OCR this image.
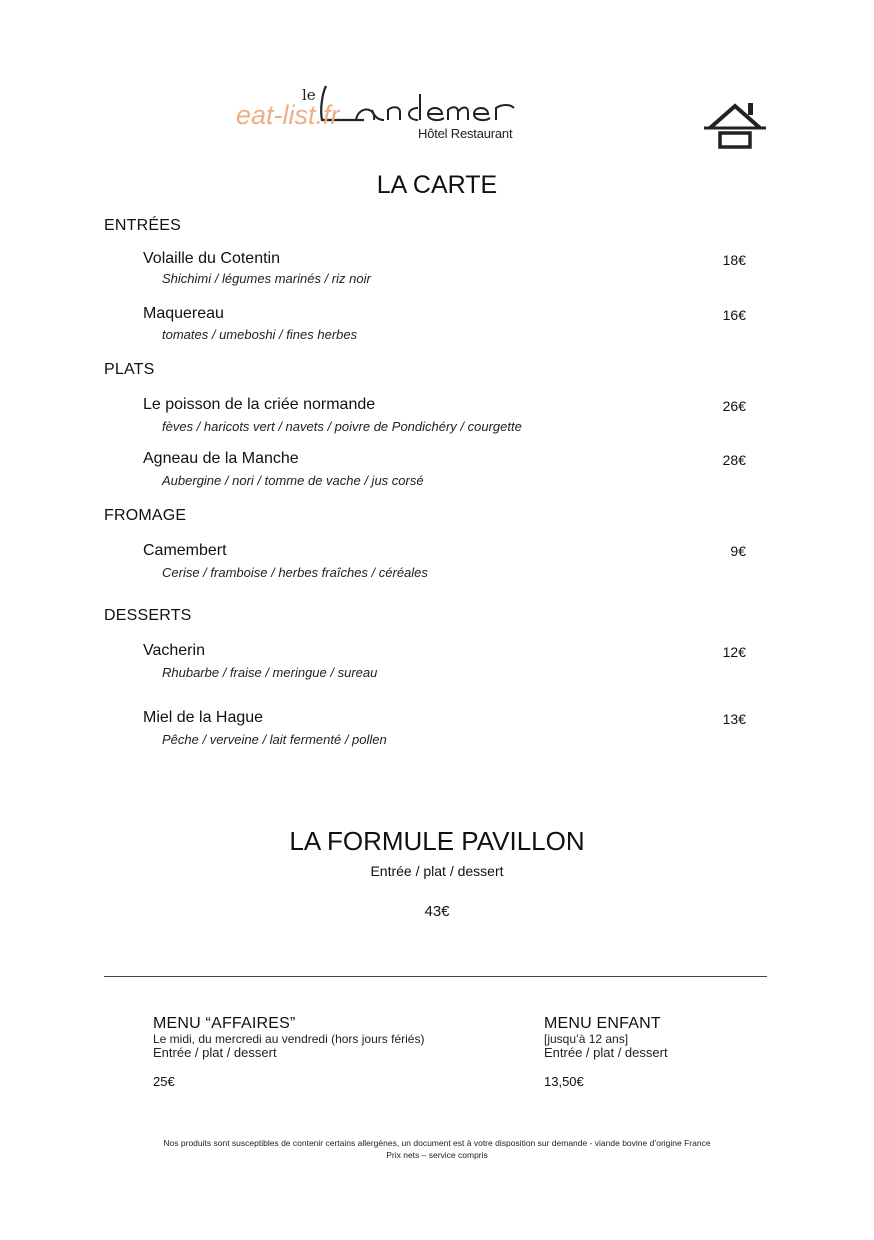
le
Hôtel Restaurant
eat-list.fr
LA CARTE
ENTRÉES
Volaille du Cotentin
Shichimi / légumes marinés / riz noir
18€
Maquereau
tomates / umeboshi / fines herbes
16€
PLATS
Le poisson de la criée normande
fèves / haricots vert / navets / poivre de Pondichéry / courgette
26€
Agneau de la Manche
Aubergine / nori / tomme de vache / jus corsé
28€
FROMAGE
Camembert
Cerise / framboise / herbes fraîches / céréales
9€
DESSERTS
Vacherin
Rhubarbe / fraise / meringue / sureau
12€
Miel de la Hague
Pêche / verveine / lait fermenté / pollen
13€
LA FORMULE PAVILLON
Entrée / plat / dessert
43€
MENU “AFFAIRES”
Le midi, du mercredi au vendredi (hors jours fériés)
Entrée / plat / dessert
25€
MENU ENFANT
[jusqu’à 12 ans]
Entrée / plat / dessert
13,50€
Nos produits sont susceptibles de contenir certains allergènes, un document est à votre disposition sur demande - viande bovine d’origine France
Prix nets – service compris
